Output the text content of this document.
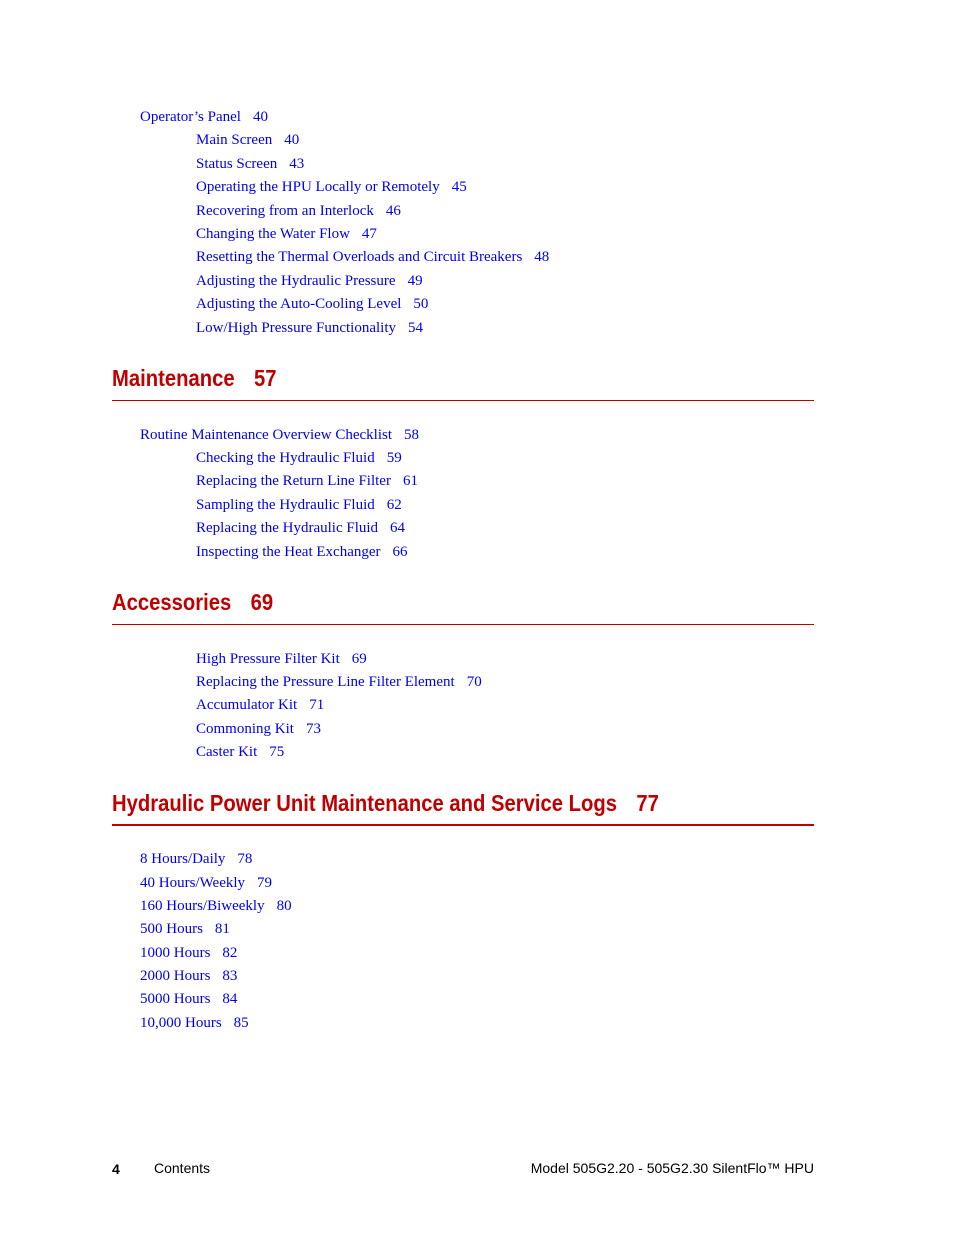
Operator’s Panel 40
Main Screen 40
Status Screen 43
Operating the HPU Locally or Remotely 45
Recovering from an Interlock 46
Changing the Water Flow 47
Resetting the Thermal Overloads and Circuit Breakers 48
Adjusting the Hydraulic Pressure 49
Adjusting the Auto-Cooling Level 50
Low/High Pressure Functionality 54
Maintenance 57
Routine Maintenance Overview Checklist 58
Checking the Hydraulic Fluid 59
Replacing the Return Line Filter 61
Sampling the Hydraulic Fluid 62
Replacing the Hydraulic Fluid 64
Inspecting the Heat Exchanger 66
Accessories 69
High Pressure Filter Kit 69
Replacing the Pressure Line Filter Element 70
Accumulator Kit 71
Commoning Kit 73
Caster Kit 75
Hydraulic Power Unit Maintenance and Service Logs 77
8 Hours/Daily 78
40 Hours/Weekly 79
160 Hours/Biweekly 80
500 Hours 81
1000 Hours 82
2000 Hours 83
5000 Hours 84
10,000 Hours 85
4 Contents	Model 505G2.20 - 505G2.30 SilentFlo™ HPU
